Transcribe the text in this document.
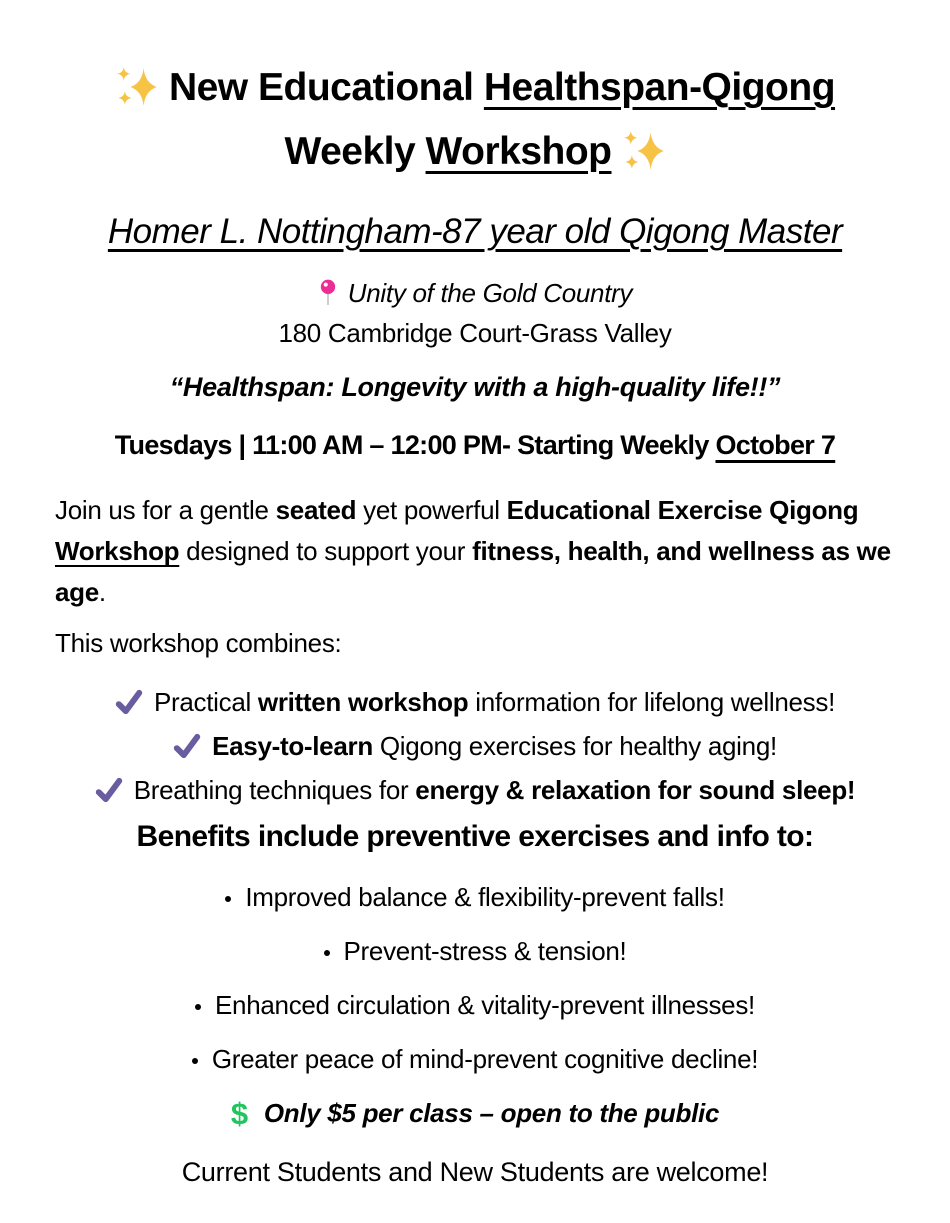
New Educational Healthspan-Qigong
Weekly Workshop
Homer L. Nottingham-87 year old Qigong Master
Unity of the Gold Country
180 Cambridge Court-Grass Valley
“Healthspan: Longevity with a high-quality life!!”
Tuesdays | 11:00 AM – 12:00 PM- Starting Weekly October 7

Join us for a gentle seated yet powerful Educational Exercise Qigong Workshop designed to support your fitness, health, and wellness as we age.

This workshop combines:

Practical written workshop information for lifelong wellness!
Easy-to-learn Qigong exercises for healthy aging!
Breathing techniques for energy & relaxation for sound sleep!
Benefits include preventive exercises and info to:
Improved balance & flexibility-prevent falls!
Prevent-stress & tension!
Enhanced circulation & vitality-prevent illnesses!
Greater peace of mind-prevent cognitive decline!
$ Only $5 per class – open to the public
Current Students and New Students are welcome!
